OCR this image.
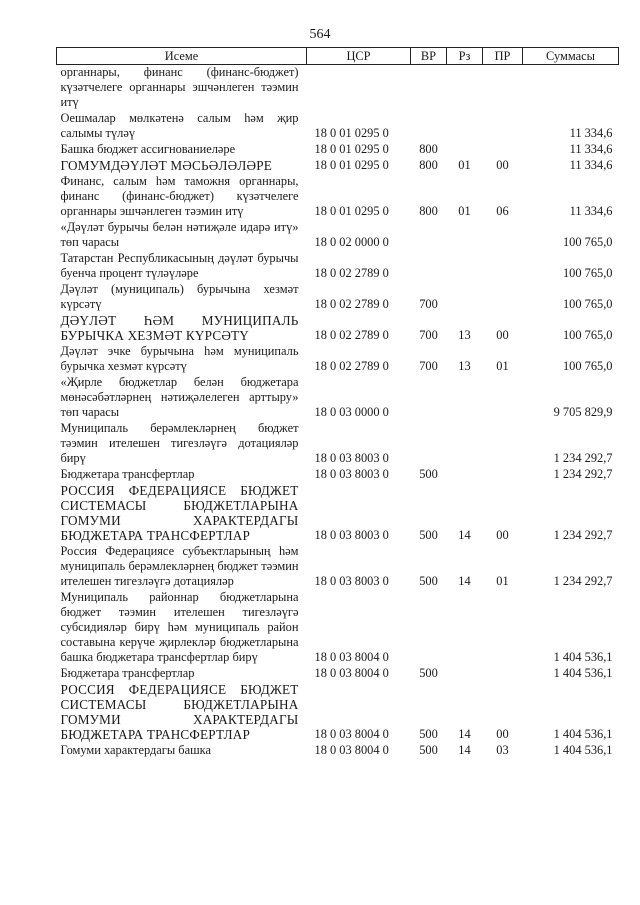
564
Исеме	ЦСР	ВР	Рз	ПР	Суммасы
органнары, финанс (финанс-бюджет) күзәтчелеге органнары эшчәнлеген тәэмин итү					
Оешмалар мөлкәтенә салым һәм җир салымы түләү	18 0 01 0295 0				11 334,6
Башка бюджет ассигнованиеләре	18 0 01 0295 0	800			11 334,6
ГОМУМДӘҮЛӘТ МӘСЬӘЛӘЛӘРЕ	18 0 01 0295 0	800	01	00	11 334,6
Финанс, салым һәм таможня органнары, финанс (финанс-бюджет) күзәтчелеге органнары эшчәнлеген тәэмин итү	18 0 01 0295 0	800	01	06	11 334,6
«Дәүләт бурычы белән нәтиҗәле идарә итү» төп чарасы	18 0 02 0000 0				100 765,0
Татарстан Республикасының дәүләт бурычы буенча процент түләүләре	18 0 02 2789 0				100 765,0
Дәүләт (муниципаль) бурычына хезмәт күрсәтү	18 0 02 2789 0	700			100 765,0
ДӘҮЛӘТ ҺӘМ МУНИЦИПАЛЬ БУРЫЧКА ХЕЗМӘТ КҮРСӘТҮ	18 0 02 2789 0	700	13	00	100 765,0
Дәүләт эчке бурычына һәм муниципаль бурычка хезмәт күрсәтү	18 0 02 2789 0	700	13	01	100 765,0
«Җирле бюджетлар белән бюджетара мөнәсәбәтләрнең нәтиҗәлелеген арттыру» төп чарасы	18 0 03 0000 0				9 705 829,9
Муниципаль берәмлекләрнең бюджет тәэмин ителешен тигезләүгә дотацияләр бирү	18 0 03 8003 0				1 234 292,7
Бюджетара трансфертлар	18 0 03 8003 0	500			1 234 292,7
РОССИЯ ФЕДЕРАЦИЯСЕ БЮДЖЕТ СИСТЕМАСЫ БЮДЖЕТЛАРЫНА ГОМУМИ ХАРАКТЕРДАГЫ БЮДЖЕТАРА ТРАНСФЕРТЛАР	18 0 03 8003 0	500	14	00	1 234 292,7
Россия Федерациясе субъектларының һәм муниципаль берәмлекләрнең бюджет тәэмин ителешен тигезләүгә дотацияләр	18 0 03 8003 0	500	14	01	1 234 292,7
Муниципаль районнар бюджетларына бюджет тәэмин ителешен тигезләүгә субсидияләр бирү һәм муниципаль район составына керүче җирлекләр бюджетларына башка бюджетара трансфертлар бирү	18 0 03 8004 0				1 404 536,1
Бюджетара трансфертлар	18 0 03 8004 0	500			1 404 536,1
РОССИЯ ФЕДЕРАЦИЯСЕ БЮДЖЕТ СИСТЕМАСЫ БЮДЖЕТЛАРЫНА ГОМУМИ ХАРАКТЕРДАГЫ БЮДЖЕТАРА ТРАНСФЕРТЛАР	18 0 03 8004 0	500	14	00	1 404 536,1
Гомуми характердагы башка	18 0 03 8004 0	500	14	03	1 404 536,1
